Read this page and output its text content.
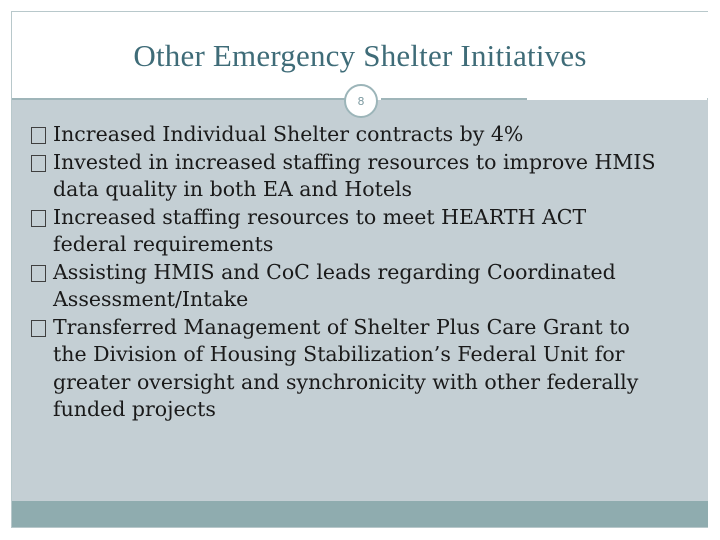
Other Emergency Shelter Initiatives
8
Increased Individual Shelter contracts by 4%
Invested in increased staffing resources to improve HMIS
data quality in both EA and Hotels
Increased staffing resources to meet HEARTH ACT
federal requirements
Assisting HMIS and CoC leads regarding Coordinated
Assessment/Intake
Transferred Management of Shelter Plus Care Grant to
the Division of Housing Stabilization’s Federal Unit for
greater oversight and synchronicity with other federally
funded projects
